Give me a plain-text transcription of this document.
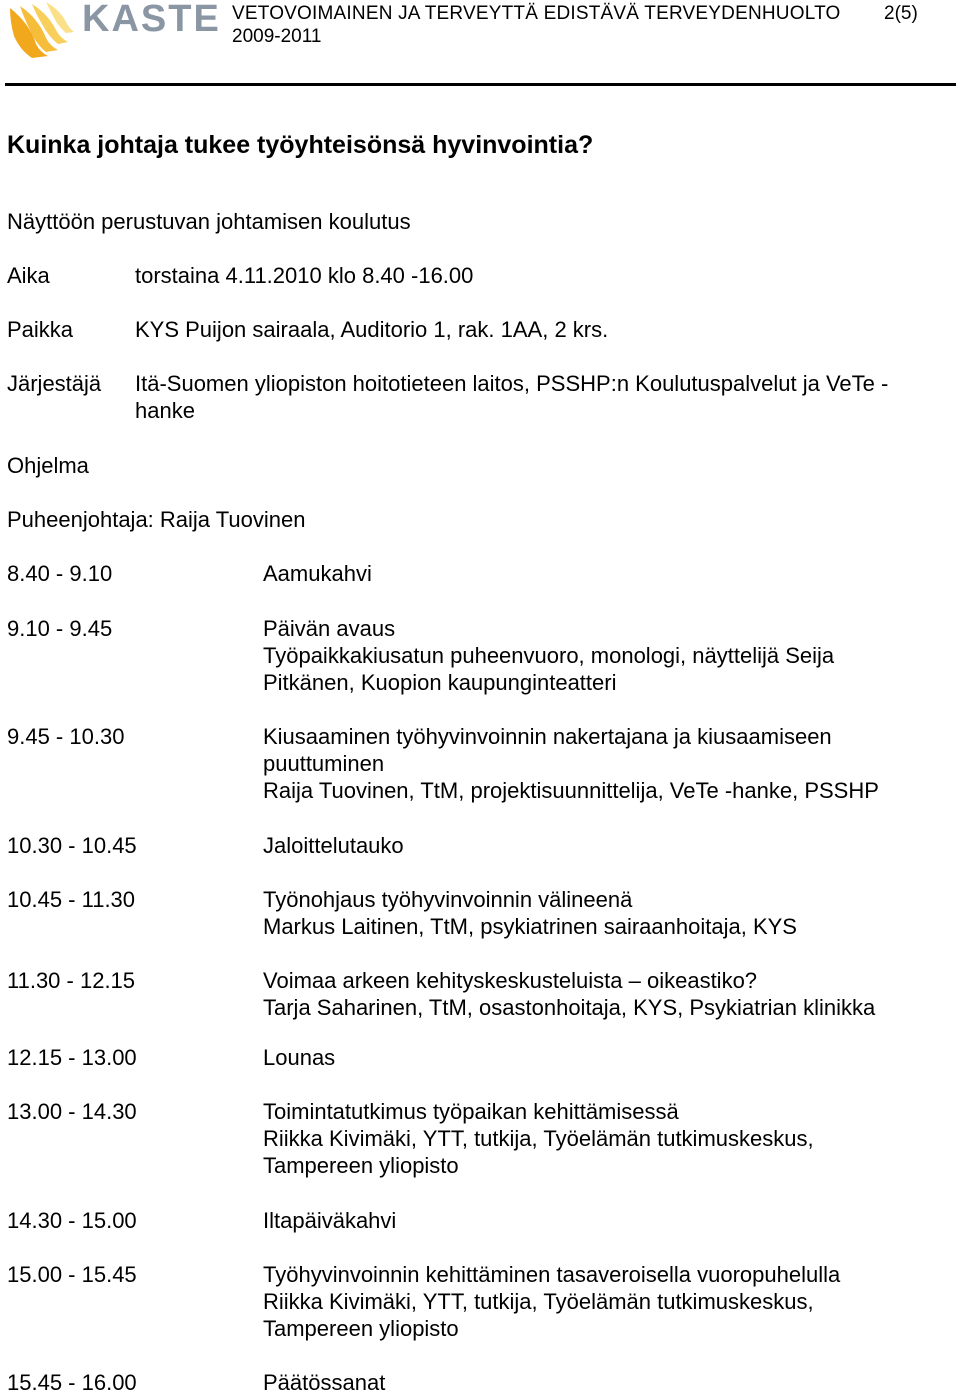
KASTE VETOVOIMAINEN JA TERVEYTTÄ EDISTÄVÄ TERVEYDENHUOLTO 2(5)
2009-2011
Kuinka johtaja tukee työyhteisönsä hyvinvointia?
Näyttöön perustuvan johtamisen koulutus
Aika	torstaina 4.11.2010 klo 8.40 -16.00
Paikka	KYS Puijon sairaala, Auditorio 1, rak. 1AA, 2 krs.
Järjestäjä Itä-Suomen yliopiston hoitotieteen laitos, PSSHP:n Koulutuspalvelut ja VeTe -
hanke
Ohjelma
Puheenjohtaja: Raija Tuovinen
8.40 - 9.10	Aamukahvi
9.10 - 9.45	Päivän avaus
Työpaikkakiusatun puheenvuoro, monologi, näyttelijä Seija
Pitkänen, Kuopion kaupunginteatteri
9.45 - 10.30	Kiusaaminen työhyvinvoinnin nakertajana ja kiusaamiseen
puuttuminen
Raija Tuovinen, TtM, projektisuunnittelija, VeTe -hanke, PSSHP
10.30 - 10.45	Jaloittelutauko
10.45 - 11.30	Työnohjaus työhyvinvoinnin välineenä
Markus Laitinen, TtM, psykiatrinen sairaanhoitaja, KYS
11.30 - 12.15	Voimaa arkeen kehityskeskusteluista – oikeastiko?
Tarja Saharinen, TtM, osastonhoitaja, KYS, Psykiatrian klinikka
12.15 - 13.00	Lounas
13.00 - 14.30	Toimintatutkimus työpaikan kehittämisessä
Riikka Kivimäki, YTT, tutkija, Työelämän tutkimuskeskus,
Tampereen yliopisto
14.30 - 15.00	Iltapäiväkahvi
15.00 - 15.45	Työhyvinvoinnin kehittäminen tasaveroisella vuoropuhelulla
Riikka Kivimäki, YTT, tutkija, Työelämän tutkimuskeskus,
Tampereen yliopisto
15.45 - 16.00	Päätössanat
